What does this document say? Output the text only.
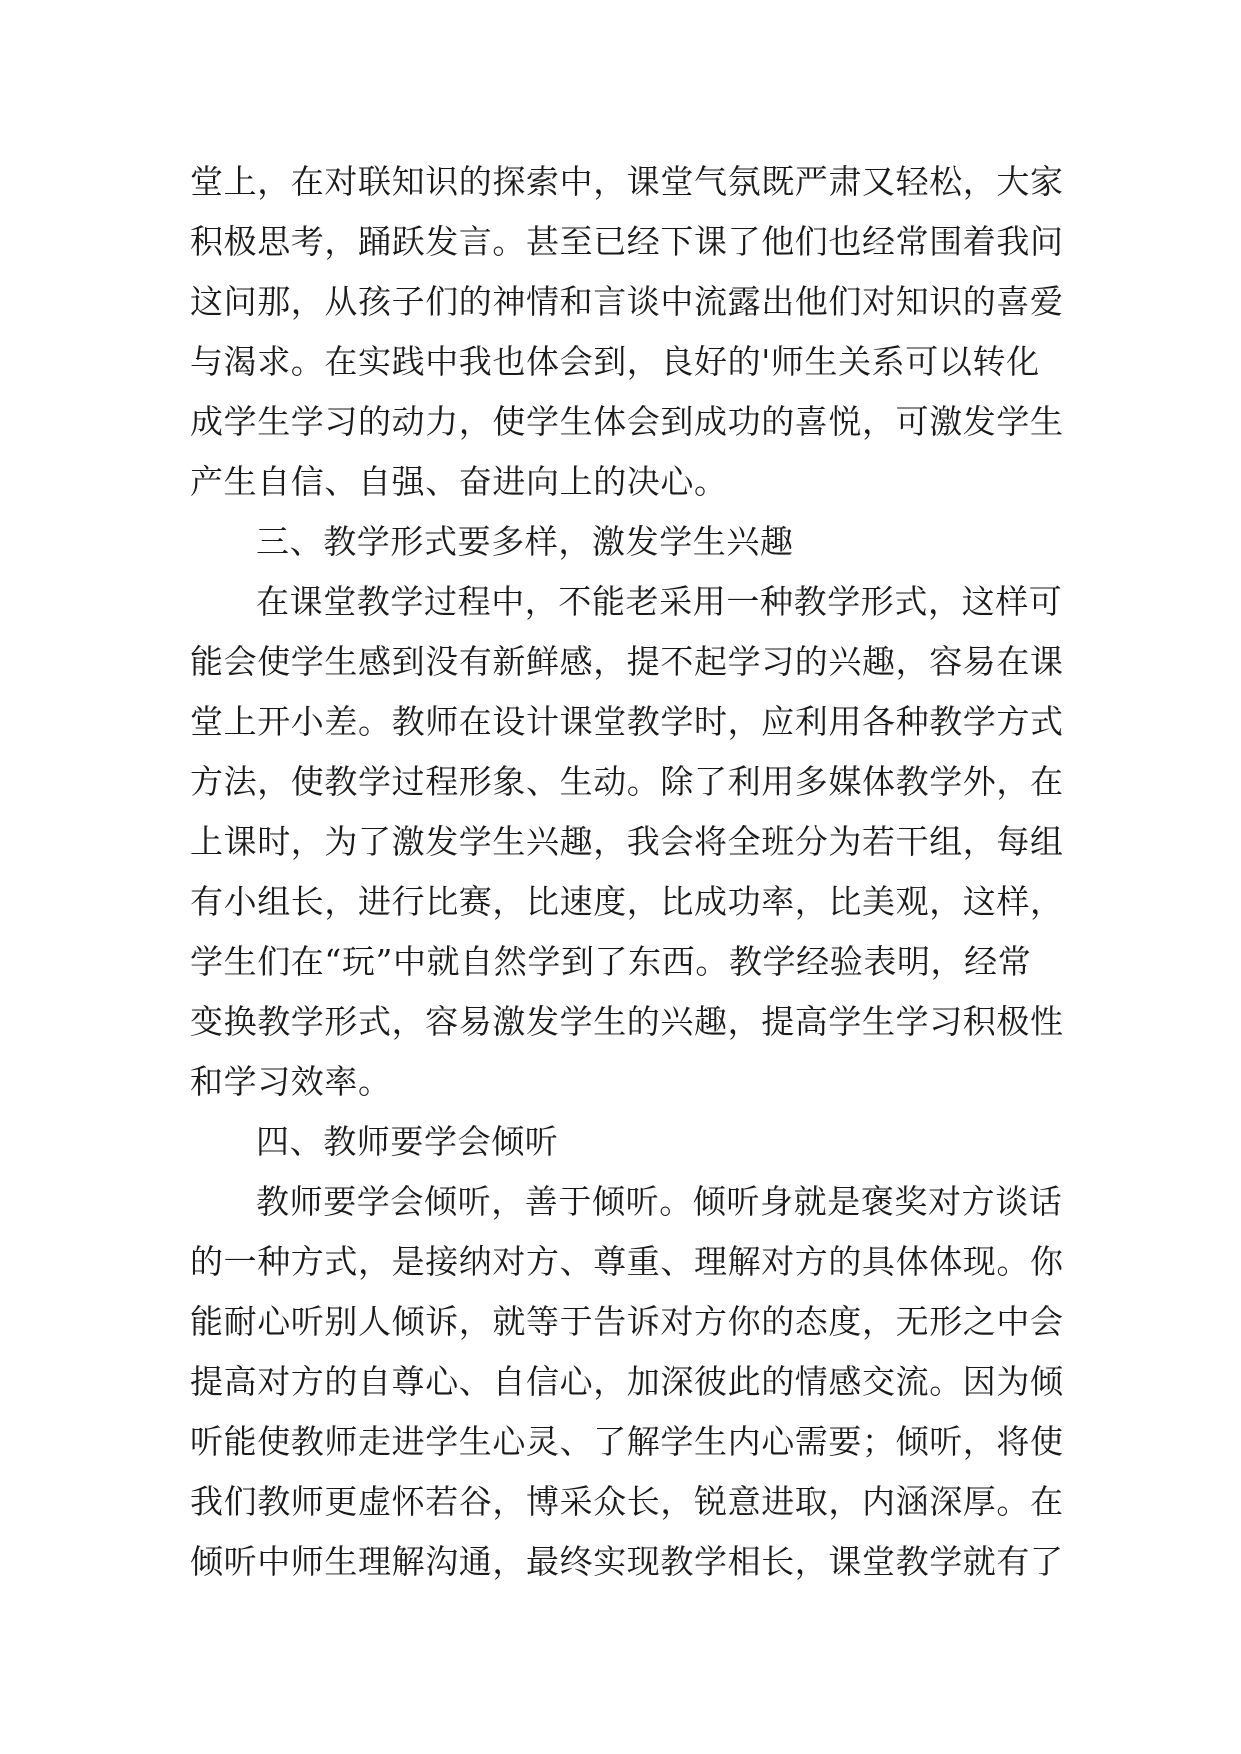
堂上，在对联知识的探索中，课堂气氛既严肃又轻松，大家
积极思考，踊跃发言。甚至已经下课了他们也经常围着我问
这问那，从孩子们的神情和言谈中流露出他们对知识的喜爱
与渴求。在实践中我也体会到，良好的'师生关系可以转化
成学生学习的动力，使学生体会到成功的喜悦，可激发学生
产生自信、自强、奋进向上的决心。
三、教学形式要多样，激发学生兴趣
在课堂教学过程中，不能老采用一种教学形式，这样可
能会使学生感到没有新鲜感，提不起学习的兴趣，容易在课
堂上开小差。教师在设计课堂教学时，应利用各种教学方式
方法，使教学过程形象、生动。除了利用多媒体教学外，在
上课时，为了激发学生兴趣，我会将全班分为若干组，每组
有小组长，进行比赛，比速度，比成功率，比美观，这样，
学生们在“玩”中就自然学到了东西。教学经验表明，经常
变换教学形式，容易激发学生的兴趣，提高学生学习积极性
和学习效率。
四、教师要学会倾听
教师要学会倾听，善于倾听。倾听身就是褒奖对方谈话
的一种方式，是接纳对方、尊重、理解对方的具体体现。你
能耐心听别人倾诉，就等于告诉对方你的态度，无形之中会
提高对方的自尊心、自信心，加深彼此的情感交流。因为倾
听能使教师走进学生心灵、了解学生内心需要；倾听，将使
我们教师更虚怀若谷，博采众长，锐意进取，内涵深厚。在
倾听中师生理解沟通，最终实现教学相长，课堂教学就有了
